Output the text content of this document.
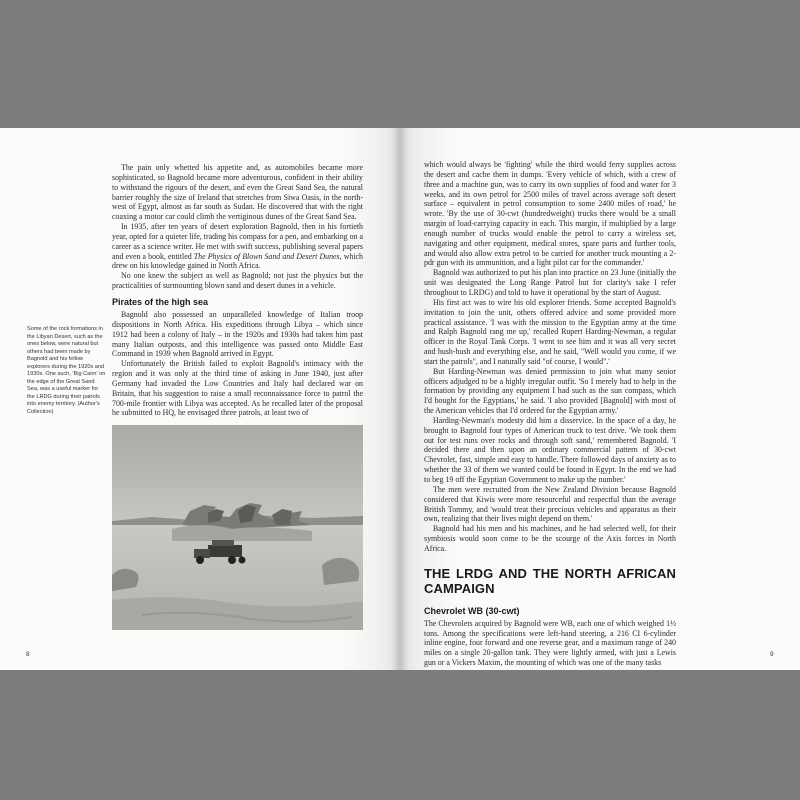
The pain only whetted his appetite and, as automobiles became more sophisticated, so Bagnold became more adventurous, confident in their ability to withstand the rigours of the desert, and even the Great Sand Sea, the natural barrier roughly the size of Ireland that stretches from Siwa Oasis, in the north-west of Egypt, almost as far south as Sudan. He discovered that with the right coaxing a motor car could climb the vertiginous dunes of the Great Sand Sea.

In 1935, after ten years of desert exploration Bagnold, then in his fortieth year, opted for a quieter life, trading his compass for a pen, and embarking on a career as a science writer. He met with swift success, publishing several papers and even a book, entitled The Physics of Blown Sand and Desert Dunes, which drew on his knowledge gained in North Africa.

No one knew the subject as well as Bagnold; not just the physics but the practicalities of surmounting blown sand and desert dunes in a vehicle.

Pirates of the high sea

Bagnold also possessed an unparalleled knowledge of Italian troop dispositions in North Africa. His expeditions through Libya – which since 1912 had been a colony of Italy – in the 1920s and 1930s had taken him past many Italian outposts, and this intelligence was passed onto Middle East Command in 1939 when Bagnold arrived in Egypt.

Unfortunately the British failed to exploit Bagnold's intimacy with the region and it was only at the third time of asking in June 1940, just after Germany had invaded the Low Countries and Italy had declared war on Britain, that his suggestion to raise a small reconnaissance force to patrol the 700-mile frontier with Libya was accepted. As he recalled later of the proposal he submitted to HQ, he envisaged three patrols, at least two of

Some of the rock formations in the Libyan Desert, such as the ones below, were natural but others had been made by Bagnold and his fellow explorers during the 1920s and 1930s. One such, 'Big Cairn' on the edge of the Great Sand Sea, was a useful marker for the LRDG during their patrols into enemy territory. (Author's Collection)
8

which would always be 'fighting' while the third would ferry supplies across the desert and cache them in dumps. 'Every vehicle of which, with a crew of three and a machine gun, was to carry its own supplies of food and water for 3 weeks, and its own petrol for 2500 miles of travel across average soft desert surface – equivalent in petrol consumption to some 2400 miles of road,' he wrote. 'By the use of 30-cwt (hundredweight) trucks there would be a small margin of load-carrying capacity in each. This margin, if multiplied by a large enough number of trucks would enable the petrol to carry a wireless set, navigating and other equipment, medical stores, spare parts and further tools, and would also allow extra petrol to be carried for another truck mounting a 2-pdr gun with its ammunition, and a light pilot car for the commander.'

Bagnold was authorized to put his plan into practice on 23 June (initially the unit was designated the Long Range Patrol but for clarity's sake I refer throughout to LRDG) and told to have it operational by the start of August.

His first act was to wire his old explorer friends. Some accepted Bagnold's invitation to join the unit, others offered advice and some provided more practical assistance. 'I was with the mission to the Egyptian army at the time and Ralph Bagnold rang me up,' recalled Rupert Harding-Newman, a regular officer in the Royal Tank Corps. 'I went to see him and it was all very secret and hush-hush and everything else, and he said, "Well would you come, if we start the patrols", and I naturally said "of course, I would".'

But Harding-Newman was denied permission to join what many senior officers adjudged to be a highly irregular outfit. 'So I merely had to help in the formation by providing any equipment I had such as the sun compass, which I'd bought for the Egyptians,' he said. 'I also provided [Bagnold] with most of the American vehicles that I'd ordered for the Egyptian army.'

Harding-Newman's modesty did him a disservice. In the space of a day, he brought to Bagnold four types of American truck to test drive. 'We took them out for test runs over rocks and through soft sand,' remembered Bagnold. 'I decided there and then upon an ordinary commercial pattern of 30-cwt Chevrolet, fast, simple and easy to handle. There followed days of anxiety as to whether the 33 of them we wanted could be found in Egypt. In the end we had to beg 19 off the Egyptian Government to make up the number.'

The men were recruited from the New Zealand Division because Bagnold considered that Kiwis were more resourceful and respectful than the average British Tommy, and 'would treat their precious vehicles and apparatus as their own, realizing that their lives might depend on them.'

Bagnold had his men and his machines, and he had selected well, for their symbiosis would soon come to be the scourge of the Axis forces in North Africa.

THE LRDG AND THE NORTH AFRICAN CAMPAIGN
Chevrolet WB (30-cwt)

The Chevrolets acquired by Bagnold were WB, each one of which weighed 1½ tons. Among the specifications were left-hand steering, a 216 CI 6-cylinder inline engine, four forward and one reverse gear, and a maximum range of 240 miles on a single 20-gallon tank. They were lightly armed, with just a Lewis gun or a Vickers Maxim, the mounting of which was one of the many tasks

9
